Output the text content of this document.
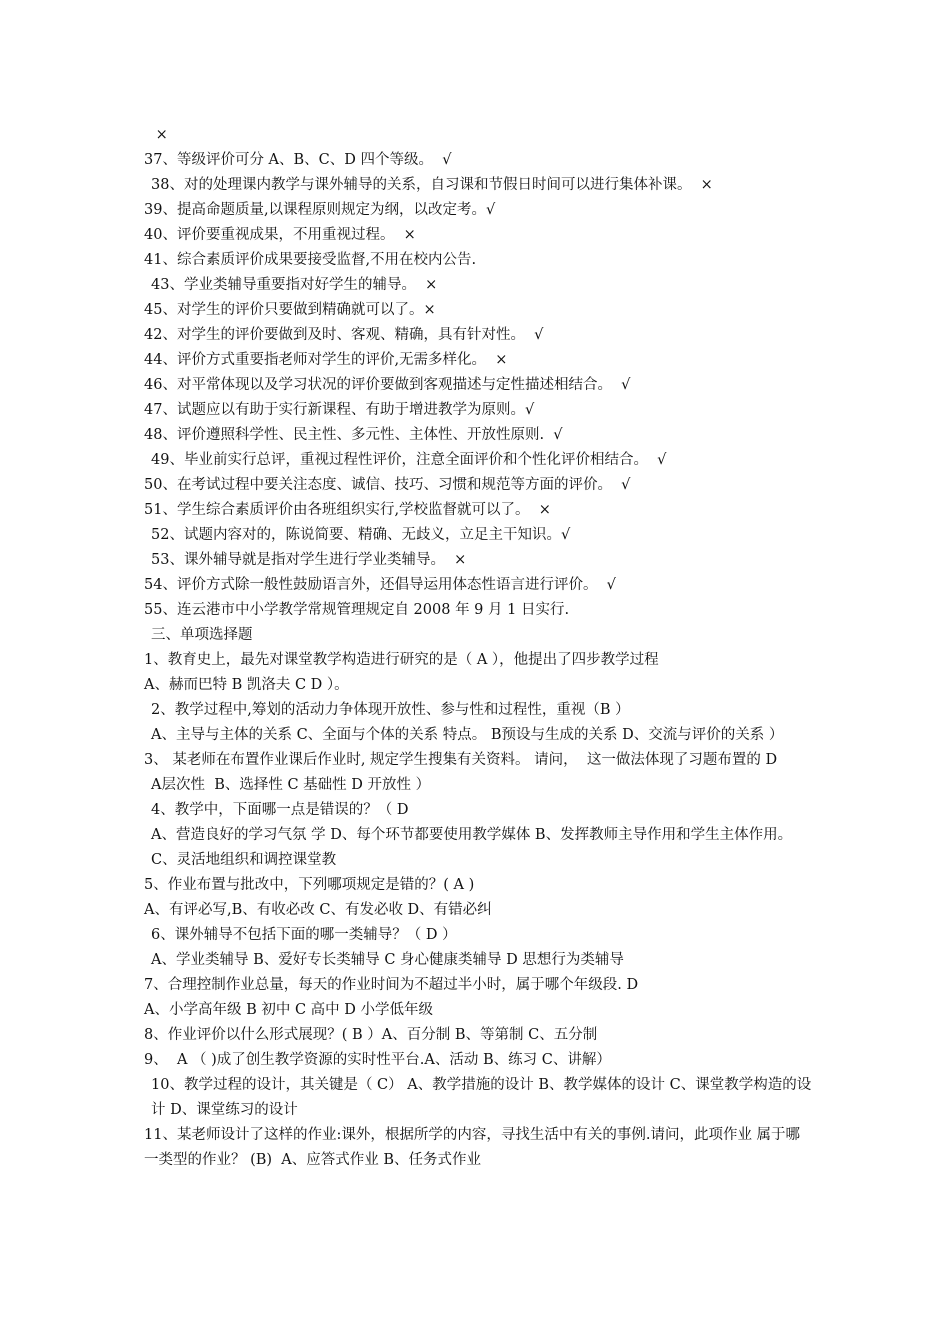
×

37、等级评价可分 A、B、C、D 四个等级。  √

38、对的处理课内教学与课外辅导的关系，自习课和节假日时间可以进行集体补课。  ×

39、提高命题质量,以课程原则规定为纲，以改定考。√

40、评价要重视成果，不用重视过程。  ×

41、综合素质评价成果要接受监督,不用在校内公告.

43、学业类辅导重要指对好学生的辅导。  ×

45、对学生的评价只要做到精确就可以了。×

42、对学生的评价要做到及时、客观、精确，具有针对性。  √

44、评价方式重要指老师对学生的评价,无需多样化。  ×

46、对平常体现以及学习状况的评价要做到客观描述与定性描述相结合。  √

47、试题应以有助于实行新课程、有助于增进教学为原则。√

48、评价遵照科学性、民主性、多元性、主体性、开放性原则.  √

49、毕业前实行总评，重视过程性评价，注意全面评价和个性化评价相结合。  √

50、在考试过程中要关注态度、诚信、技巧、习惯和规范等方面的评价。  √

51、学生综合素质评价由各班组织实行,学校监督就可以了。  ×

52、试题内容对的，陈说简要、精确、无歧义，立足主干知识。√

53、课外辅导就是指对学生进行学业类辅导。  ×

54、评价方式除一般性鼓励语言外，还倡导运用体态性语言进行评价。  √

55、连云港市中小学教学常规管理规定自 2008 年 9 月 1 日实行.

三、单项选择题

1、教育史上，最先对课堂教学构造进行研究的是（ A ），他提出了四步教学过程

A、赫而巴特 B 凯洛夫 C D ）。

2、教学过程中,筹划的活动力争体现开放性、参与性和过程性，重视（B ）

A、主导与主体的关系 C、全面与个体的关系 特点。 B预设与生成的关系 D、交流与评价的关系 ）

3、 某老师在布置作业课后作业时, 规定学生搜集有关资料。 请问，  这一做法体现了习题布置的 D

A层次性  B、选择性 C 基础性 D 开放性 ）

4、教学中，下面哪一点是错误的？（ D

A、营造良好的学习气氛 学 D、每个环节都要使用教学媒体 B、发挥教师主导作用和学生主体作用。 C、灵活地组织和调控课堂教

5、作业布置与批改中，下列哪项规定是错的？( A )

A、有评必写,B、有收必改 C、有发必收 D、有错必纠

6、课外辅导不包括下面的哪一类辅导？（ D ）

A、学业类辅导 B、爱好专长类辅导 C 身心健康类辅导 D 思想行为类辅导

7、合理控制作业总量，每天的作业时间为不超过半小时，属于哪个年级段. D

A、小学高年级 B 初中 C 高中 D 小学低年级

8、作业评价以什么形式展现？( B ）A、百分制 B、等第制 C、五分制

9、  A （ )成了创生教学资源的实时性平台.A、活动 B、练习 C、讲解）

10、教学过程的设计，其关键是（ C） A、教学措施的设计 B、教学媒体的设计 C、课堂教学构造的设计 D、课堂练习的设计

11、某老师设计了这样的作业:课外，根据所学的内容，寻找生活中有关的事例.请问，此项作业 属于哪一类型的作业？ (B)  A、应答式作业 B、任务式作业
